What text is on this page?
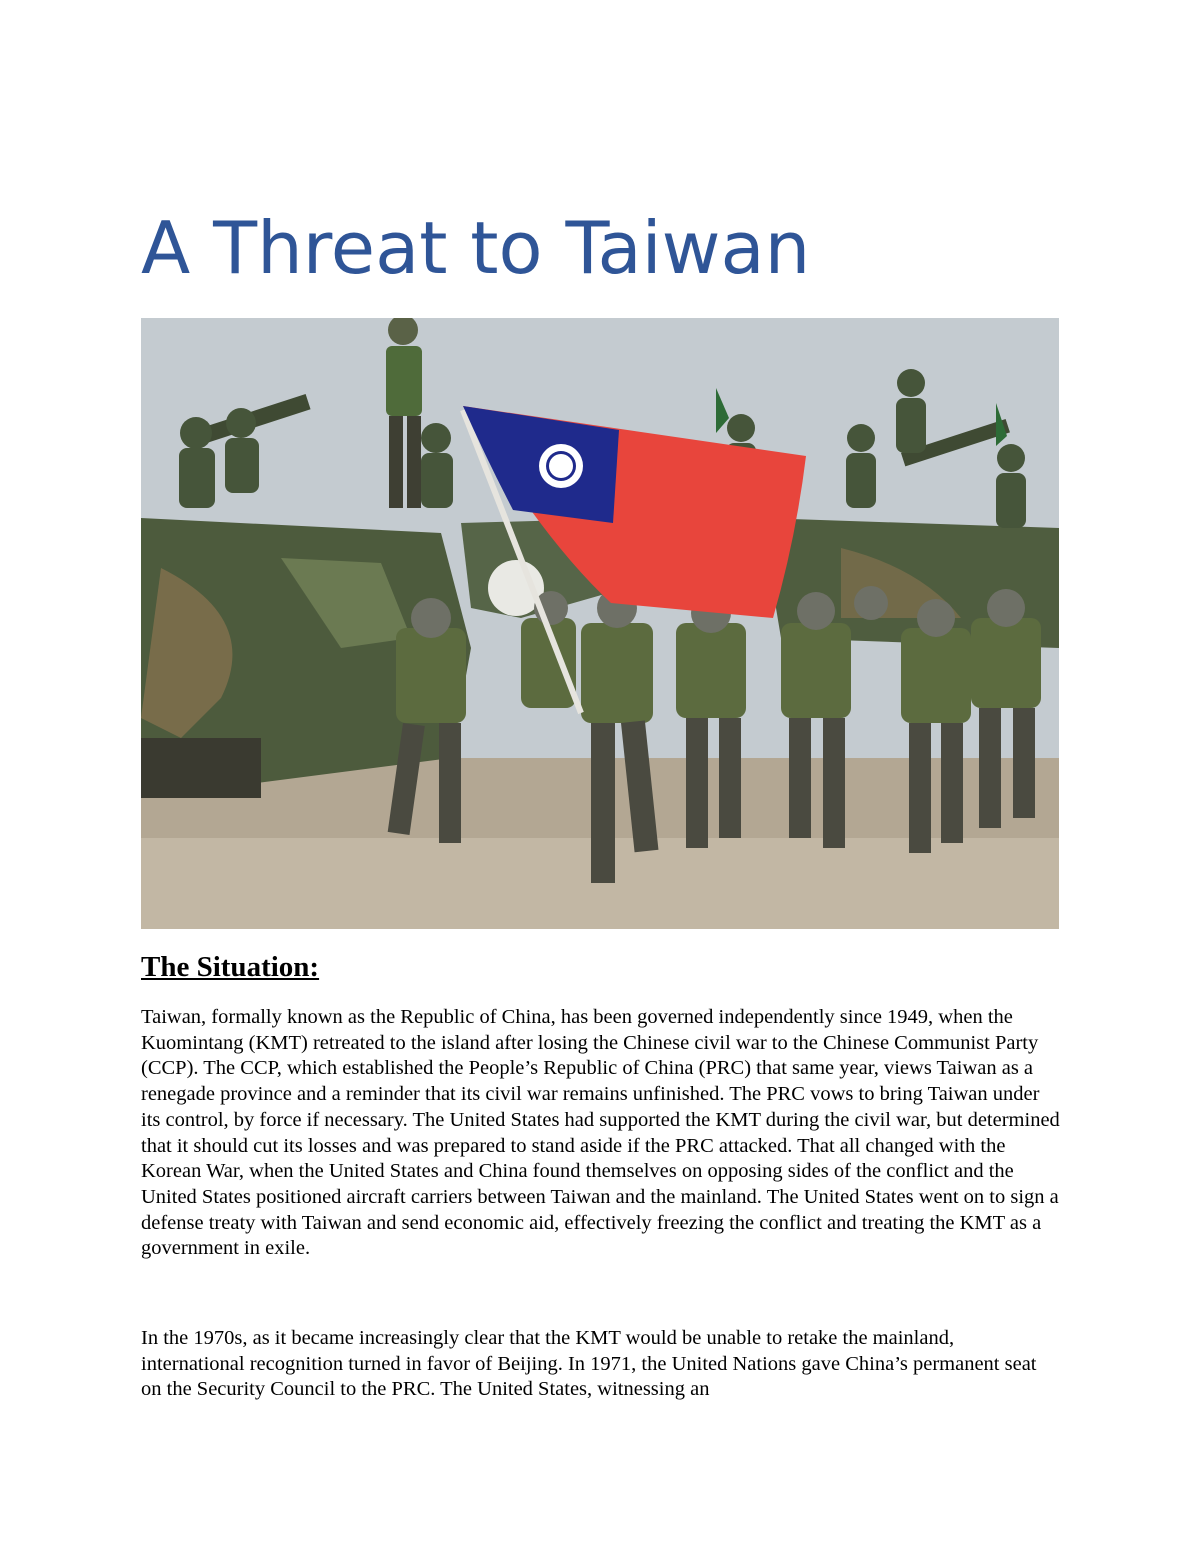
A Threat to Taiwan
The Situation:

Taiwan, formally known as the Republic of China, has been governed independently since 1949, when the Kuomintang (KMT) retreated to the island after losing the Chinese civil war to the Chinese Communist Party (CCP). The CCP, which established the People’s Republic of China (PRC) that same year, views Taiwan as a renegade province and a reminder that its civil war remains unfinished. The PRC vows to bring Taiwan under its control, by force if necessary. The United States had supported the KMT during the civil war, but determined that it should cut its losses and was prepared to stand aside if the PRC attacked. That all changed with the Korean War, when the United States and China found themselves on opposing sides of the conflict and the United States positioned aircraft carriers between Taiwan and the mainland. The United States went on to sign a defense treaty with Taiwan and send economic aid, effectively freezing the conflict and treating the KMT as a government in exile.

In the 1970s, as it became increasingly clear that the KMT would be unable to retake the mainland, international recognition turned in favor of Beijing. In 1971, the United Nations gave China’s permanent seat on the Security Council to the PRC. The United States, witnessing an
